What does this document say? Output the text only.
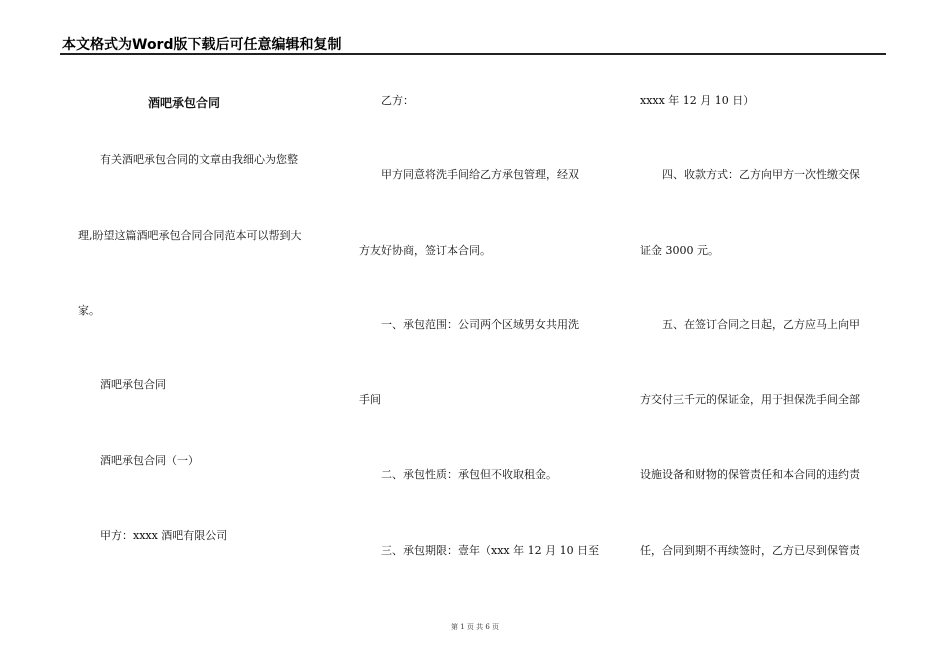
本文格式为Word版下载后可任意编辑和复制
酒吧承包合同
有关酒吧承包合同的文章由我细心为您整
理,盼望这篇酒吧承包合同合同范本可以帮到大
家。
酒吧承包合同
酒吧承包合同（一）
甲方：xxxx 酒吧有限公司
乙方：
甲方同意将洗手间给乙方承包管理，经双
方友好协商，签订本合同。
一、承包范围：公司两个区域男女共用洗
手间
二、承包性质：承包但不收取租金。
三、承包期限：壹年（xxx 年 12 月 10 日至
xxxx 年 12 月 10 日）
四、收款方式：乙方向甲方一次性缴交保
证金 3000 元。
五、在签订合同之日起，乙方应马上向甲
方交付三千元的保证金，用于担保洗手间全部
设施设备和财物的保管责任和本合同的违约责
任，合同到期不再续签时，乙方已尽到保管责
第 1 页 共 6 页
